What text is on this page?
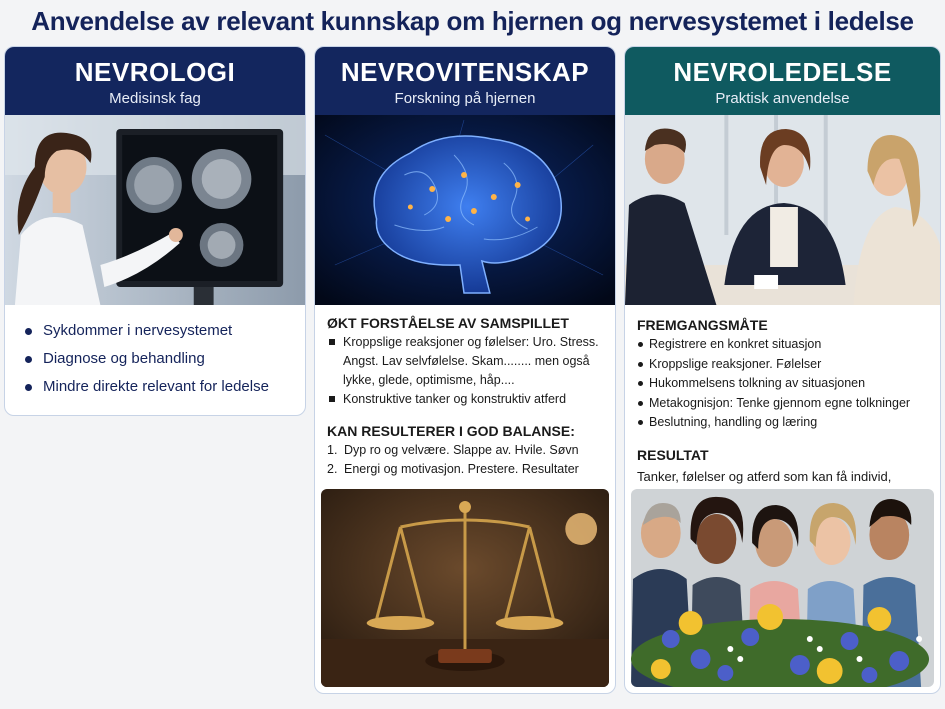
Anvendelse av relevant kunnskap om hjernen og nervesystemet i ledelse
NEVROLOGI
Medisinsk fag
Sykdommer i nervesystemet
Diagnose og behandling
Mindre direkte relevant for ledelse
NEVROVITENSKAP
Forskning på hjernen
ØKT FORSTÅELSE AV SAMSPILLET
Kroppslige reaksjoner og følelser: Uro. Stress. Angst. Lav selvfølelse. Skam........ men også lykke, glede, optimisme, håp....
Konstruktive tanker og konstruktiv atferd
KAN RESULTERER I GOD BALANSE:
1. Dyp ro og velvære. Slappe av. Hvile. Søvn
2. Energi og motivasjon. Prestere. Resultater
NEVROLEDELSE
Praktisk anvendelse
FREMGANGSMÅTE
Registrere en konkret situasjon
Kroppslige reaksjoner. Følelser
Hukommelsens tolkning av situasjonen
Metakognisjon: Tenke gjennom egne tolkninger
Beslutning, handling og læring
RESULTAT
Tanker, følelser og atferd som kan få individ,
